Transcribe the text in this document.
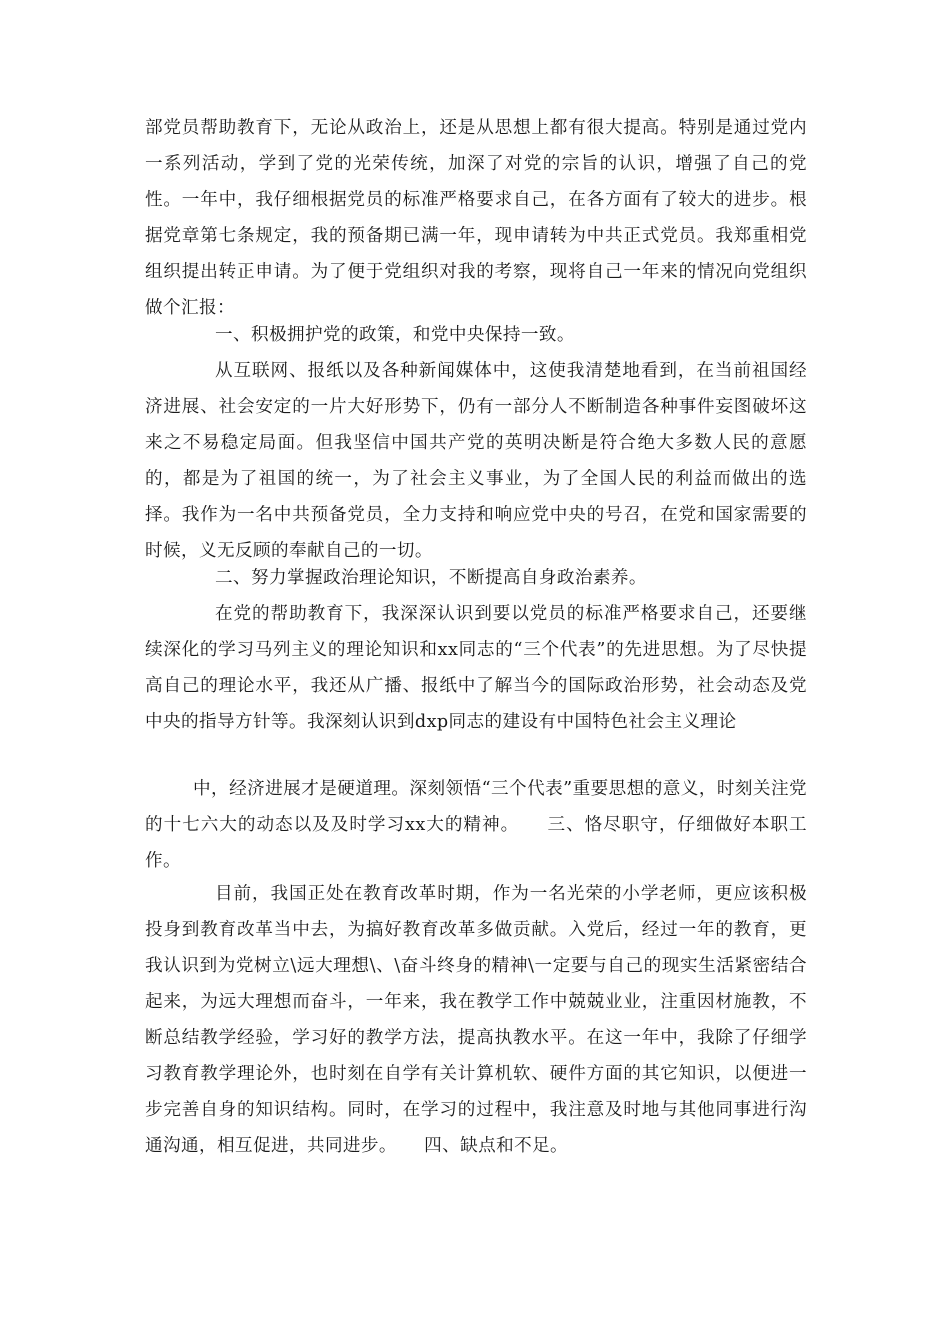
部党员帮助教育下，无论从政治上，还是从思想上都有很大提高。特别是通过党内一系列活动，学到了党的光荣传统，加深了对党的宗旨的认识，增强了自己的党性。一年中，我仔细根据党员的标准严格要求自己，在各方面有了较大的进步。根据党章第七条规定，我的预备期已满一年，现申请转为中共正式党员。我郑重相党组织提出转正申请。为了便于党组织对我的考察，现将自己一年来的情况向党组织做个汇报：

一、积极拥护党的政策，和党中央保持一致。

从互联网、报纸以及各种新闻媒体中，这使我清楚地看到，在当前祖国经济进展、社会安定的一片大好形势下，仍有一部分人不断制造各种事件妄图破坏这来之不易稳定局面。但我坚信中国共产党的英明决断是符合绝大多数人民的意愿的，都是为了祖国的统一，为了社会主义事业，为了全国人民的利益而做出的选择。我作为一名中共预备党员，全力支持和响应党中央的号召，在党和国家需要的时候，义无反顾的奉献自己的一切。

二、努力掌握政治理论知识，不断提高自身政治素养。

在党的帮助教育下，我深深认识到要以党员的标准严格要求自己，还要继续深化的学习马列主义的理论知识和xx同志的“三个代表”的先进思想。为了尽快提高自己的理论水平，我还从广播、报纸中了解当今的国际政治形势，社会动态及党中央的指导方针等。我深刻认识到dxp同志的建设有中国特色社会主义理论

中，经济进展才是硬道理。深刻领悟“三个代表”重要思想的意义，时刻关注党的十七六大的动态以及及时学习xx大的精神。　　三、恪尽职守，仔细做好本职工作。

目前，我国正处在教育改革时期，作为一名光荣的小学老师，更应该积极投身到教育改革当中去，为搞好教育改革多做贡献。入党后，经过一年的教育，更我认识到为党树立\远大理想\、\奋斗终身的精神\一定要与自己的现实生活紧密结合起来，为远大理想而奋斗，一年来，我在教学工作中兢兢业业，注重因材施教，不断总结教学经验，学习好的教学方法，提高执教水平。在这一年中，我除了仔细学习教育教学理论外，也时刻在自学有关计算机软、硬件方面的其它知识，以便进一步完善自身的知识结构。同时，在学习的过程中，我注意及时地与其他同事进行沟通沟通，相互促进，共同进步。　　四、缺点和不足。
